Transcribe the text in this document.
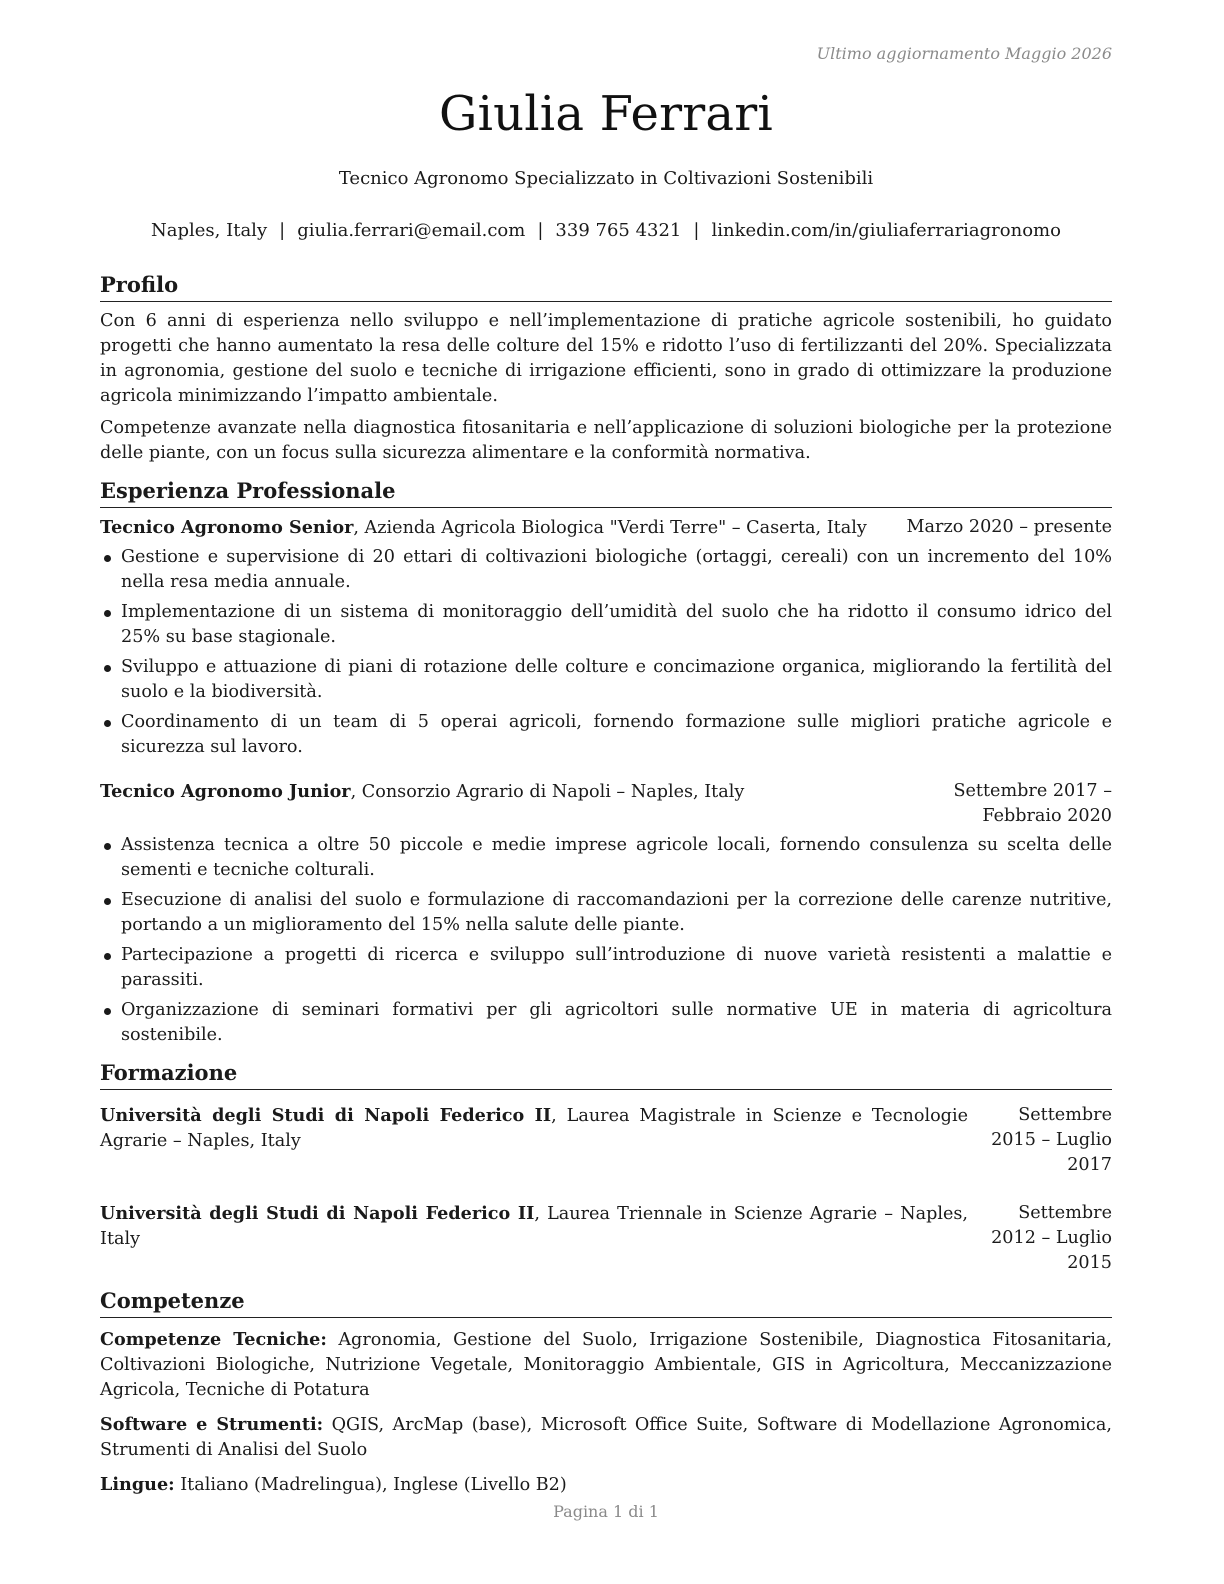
Ultimo aggiornamento Maggio 2026
Giulia Ferrari
Tecnico Agronomo Specializzato in Coltivazioni Sostenibili
Naples, Italy | giulia.ferrari@email.com | 339 765 4321 | linkedin.com/in/giuliaferrariagronomo
Profilo

Con 6 anni di esperienza nello sviluppo e nell’implementazione di pratiche agricole sostenibili, ho guidato progetti che hanno aumentato la resa delle colture del 15% e ridotto l’uso di fertilizzanti del 20%. Specializzata in agronomia, gestione del suolo e tecniche di irrigazione efficienti, sono in grado di ottimizzare la produzione agricola minimizzando l’impatto ambientale.

Competenze avanzate nella diagnostica fitosanitaria e nell’applicazione di soluzioni biologiche per la protezione delle piante, con un focus sulla sicurezza alimentare e la conformità normativa.

Esperienza Professionale
Tecnico Agronomo Senior, Azienda Agricola Biologica "Verdi Terre" – Caserta, Italy	Marzo 2020 – presente
Gestione e supervisione di 20 ettari di coltivazioni biologiche (ortaggi, cereali) con un incremento del 10% nella resa media annuale.
Implementazione di un sistema di monitoraggio dell’umidità del suolo che ha ridotto il consumo idrico del 25% su base stagionale.
Sviluppo e attuazione di piani di rotazione delle colture e concimazione organica, migliorando la fertilità del suolo e la biodiversità.
Coordinamento di un team di 5 operai agricoli, fornendo formazione sulle migliori pratiche agricole e sicurezza sul lavoro.
Tecnico Agronomo Junior, Consorzio Agrario di Napoli – Naples, Italy	Settembre 2017 – Febbraio 2020
Assistenza tecnica a oltre 50 piccole e medie imprese agricole locali, fornendo consulenza su scelta delle sementi e tecniche colturali.
Esecuzione di analisi del suolo e formulazione di raccomandazioni per la correzione delle carenze nutritive, portando a un miglioramento del 15% nella salute delle piante.
Partecipazione a progetti di ricerca e sviluppo sull’introduzione di nuove varietà resistenti a malattie e parassiti.
Organizzazione di seminari formativi per gli agricoltori sulle normative UE in materia di agricoltura sostenibile.
Formazione
Università degli Studi di Napoli Federico II, Laurea Magistrale in Scienze e Tecnologie Agrarie – Naples, Italy
Settembre 2015 – Luglio 2017
Università degli Studi di Napoli Federico II, Laurea Triennale in Scienze Agrarie – Naples, Italy
Settembre 2012 – Luglio 2015
Competenze

Competenze Tecniche: Agronomia, Gestione del Suolo, Irrigazione Sostenibile, Diagnostica Fitosanitaria, Coltivazioni Biologiche, Nutrizione Vegetale, Monitoraggio Ambientale, GIS in Agricoltura, Meccanizzazione Agricola, Tecniche di Potatura

Software e Strumenti: QGIS, ArcMap (base), Microsoft Office Suite, Software di Modellazione Agronomica, Strumenti di Analisi del Suolo

Lingue: Italiano (Madrelingua), Inglese (Livello B2)

Pagina 1 di 1
